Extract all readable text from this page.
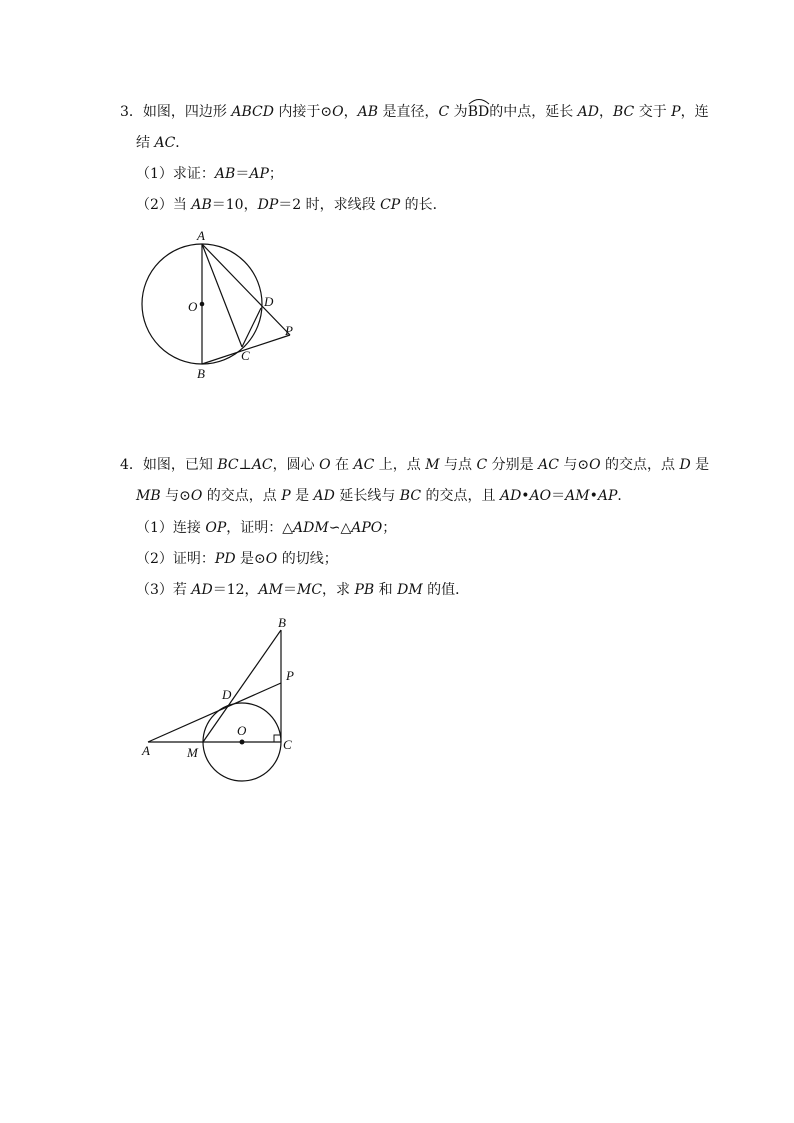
3．如图，四边形 ABCD 内接于⊙O，AB 是直径，C 为
BD的中点，延长 AD，BC 交于 P，连
结 AC．
（1）求证：AB＝AP；
（2）当 AB＝10，DP＝2 时，求线段 CP 的长．
A
O	D
P
C
B
4．如图，已知 BC⊥AC，圆心 O 在 AC 上，点 M 与点 C 分别是 AC 与⊙O 的交点，点 D 是
MB 与⊙O 的交点，点 P 是 AD 延长线与 BC 的交点，且 AD•AO＝AM•AP．
（1）连接 OP，证明：△ADM∽△APO；
（2）证明：PD 是⊙O 的切线；
（3）若 AD＝12，AM＝MC，求 PB 和 DM 的值．
B
P
D
O
A	M
C
